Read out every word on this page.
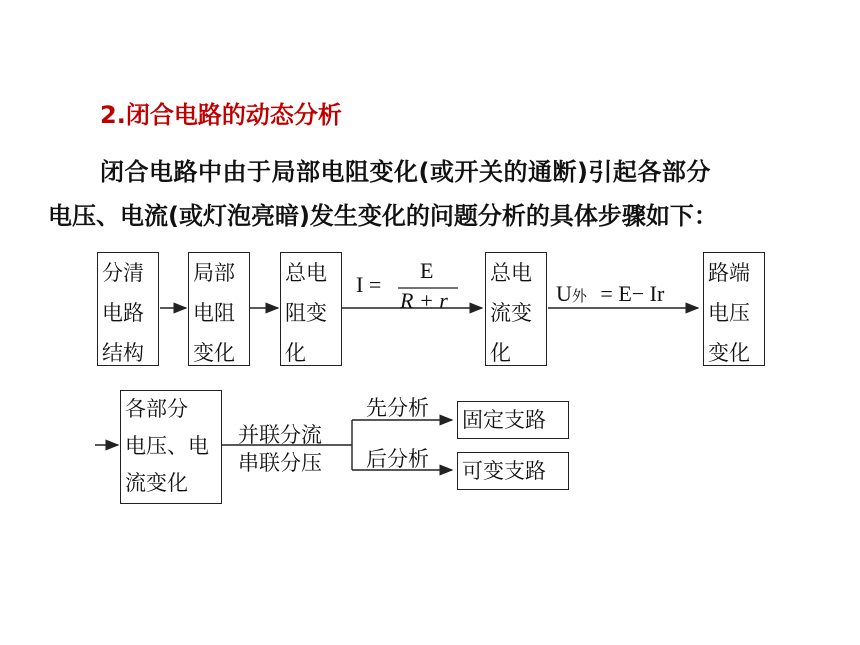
2.闭合电路的动态分析
闭合电路中由于局部电阻变化(或开关的通断)引起各部分
电压、电流(或灯泡亮暗)发生变化的问题分析的具体步骤如下：
分清
电路
结构
局部
电阻
变化
总电
阻变
化
总电
流变
化
路端
电压
变化
I =
E
R + r	U外 = E− Ir
各部分
电压、电
流变化
并联分流
串联分压
先分析
后分析
固定支路
可变支路
